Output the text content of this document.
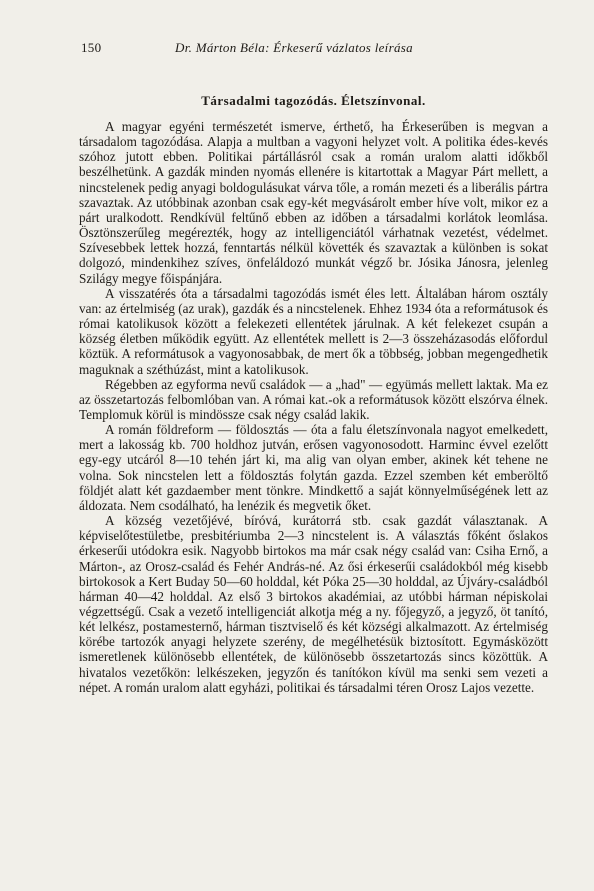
150	Dr. Márton Béla: Érkeserű vázlatos leírása
Társadalmi tagozódás. Életszínvonal.

A magyar egyéni természetét ismerve, érthető, ha Érkeserűben is megvan a társadalom tagozódása. Alapja a multban a vagyoni helyzet volt. A politika édes-kevés szóhoz jutott ebben. Politikai pártállásról csak a román uralom alatti időkből beszélhetünk. A gazdák minden nyomás ellenére is kitartottak a Magyar Párt mellett, a nincstelenek pedig anyagi boldogulásukat várva tőle, a román mezeti és a liberális pártra szavaztak. Az utóbbinak azonban csak egy-két megvásárolt ember híve volt, mikor ez a párt uralkodott. Rendkívül feltűnő ebben az időben a társadalmi korlátok leomlása. Ösztönszerűleg megérezték, hogy az intelligenciától várhatnak vezetést, védelmet. Szívesebbek lettek hozzá, fenntartás nélkül követték és szavaztak a különben is sokat dolgozó, mindenkihez szíves, önfeláldozó munkát végző br. Jósika Jánosra, jelenleg Szilágy megye főispánjára.

A visszatérés óta a társadalmi tagozódás ismét éles lett. Általában három osztály van: az értelmiség (az urak), gazdák és a nincstelenek. Ehhez 1934 óta a reformátusok és római katolikusok között a felekezeti ellentétek járulnak. A két felekezet csupán a község életben működik együtt. Az ellentétek mellett is 2—3 összeházasodás előfordul köztük. A reformátusok a vagyonosabbak, de mert ők a többség, jobban megengedhetik maguknak a széthúzást, mint a katolikusok.

Régebben az egyforma nevű családok — a „had" — együmás mellett laktak. Ma ez az összetartozás felbomlóban van. A római kat.-ok a reformátusok között elszórva élnek. Templomuk körül is mindössze csak négy család lakik.

A román földreform — földosztás — óta a falu életszínvonala nagyot emelkedett, mert a lakosság kb. 700 holdhoz jutván, erősen vagyonosodott. Harminc évvel ezelőtt egy-egy utcáról 8—10 tehén járt ki, ma alig van olyan ember, akinek két tehene ne volna. Sok nincstelen lett a földosztás folytán gazda. Ezzel szemben két emberöltő földjét alatt két gazdaember ment tönkre. Mindkettő a saját könnyelműségének lett az áldozata. Nem csodálható, ha lenézik és megvetik őket.

A község vezetőjévé, bíróvá, kurátorrá stb. csak gazdát választanak. A képviselőtestületbe, presbitériumba 2—3 nincstelent is. A választás főként őslakos érkeserűi utódokra esik. Nagyobb birtokos ma már csak négy család van: Csiha Ernő, a Márton-, az Orosz-család és Fehér András-né. Az ősi érkeserűi családokból még kisebb birtokosok a Kert Buday 50—60 holddal, két Póka 25—30 holddal, az Újváry-családból hárman 40—42 holddal. Az első 3 birtokos akadémiai, az utóbbi hárman népiskolai végzettségű. Csak a vezető intelligenciát alkotja még a ny. főjegyző, a jegyző, öt tanító, két lelkész, postamesternő, hárman tisztviselő és két községi alkalmazott. Az értelmiség körébe tartozók anyagi helyzete szerény, de megélhetésük biztosított. Egymásközött ismeretlenek különösebb ellentétek, de különösebb összetartozás sincs közöttük. A hivatalos vezetőkön: lelkészeken, jegyzőn és tanítókon kívül ma senki sem vezeti a népet. A román uralom alatt egyházi, politikai és társadalmi téren Orosz Lajos vezette.
